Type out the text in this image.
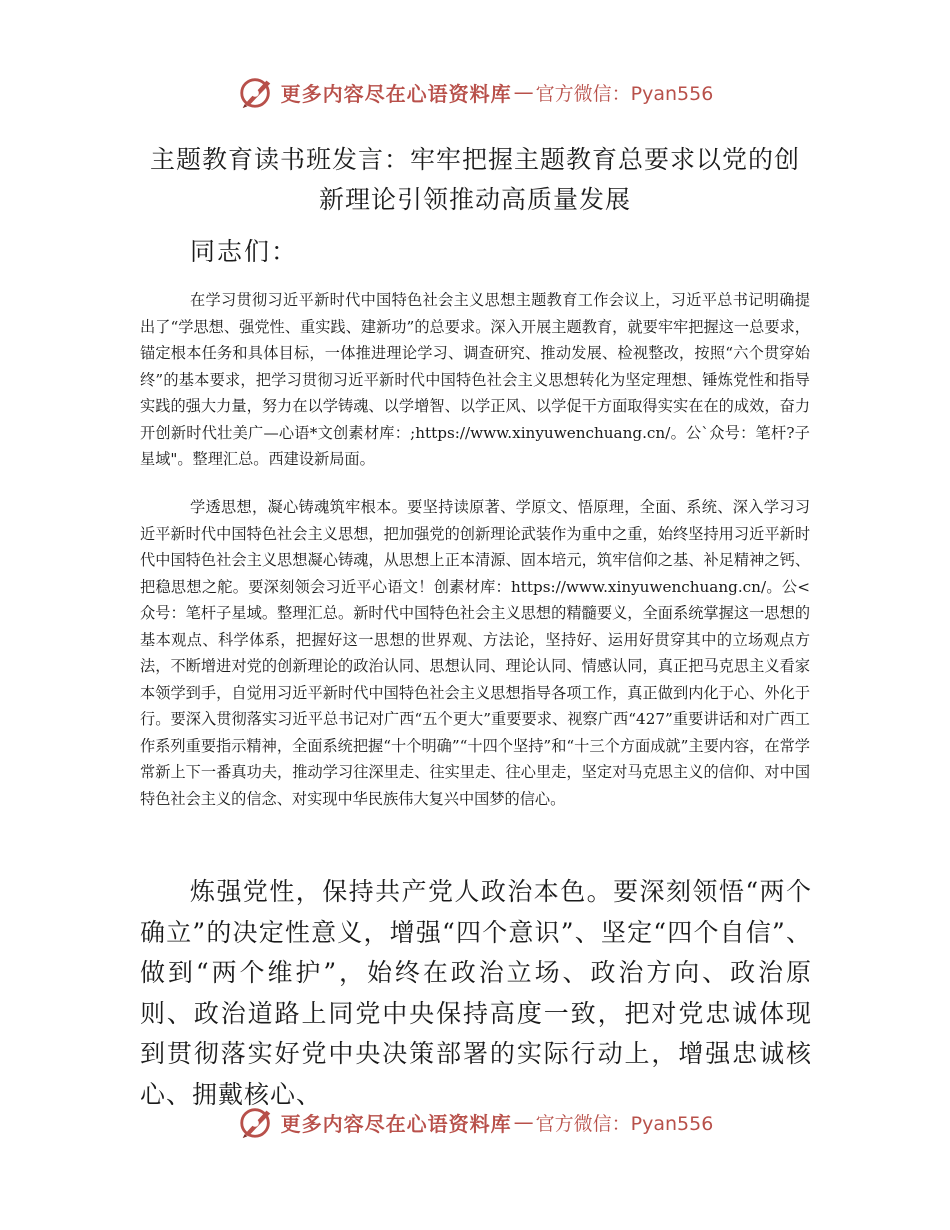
更多内容尽在心语资料库 — 官方微信：Pyan556
主题教育读书班发言：牢牢把握主题教育总要求以党的创新理论引领推动高质量发展

同志们：

在学习贯彻习近平新时代中国特色社会主义思想主题教育工作会议上，习近平总书记明确提出了“学思想、强党性、重实践、建新功”的总要求。深入开展主题教育，就要牢牢把握这一总要求，锚定根本任务和具体目标，一体推进理论学习、调查研究、推动发展、检视整改，按照“六个贯穿始终”的基本要求，把学习贯彻习近平新时代中国特色社会主义思想转化为坚定理想、锤炼党性和指导实践的强大力量，努力在以学铸魂、以学增智、以学正风、以学促干方面取得实实在在的成效，奋力开创新时代壮美广—心语*文创素材库：;https://www.xinyuwenchuang.cn/。公`众号：笔杆?子星域"。整理汇总。西建设新局面。

学透思想，凝心铸魂筑牢根本。要坚持读原著、学原文、悟原理，全面、系统、深入学习习近平新时代中国特色社会主义思想，把加强党的创新理论武装作为重中之重，始终坚持用习近平新时代中国特色社会主义思想凝心铸魂，从思想上正本清源、固本培元，筑牢信仰之基、补足精神之钙、把稳思想之舵。要深刻领会习近平心语文！创素材库：https://www.xinyuwenchuang.cn/。公<众号：笔杆子星域。整理汇总。新时代中国特色社会主义思想的精髓要义，全面系统掌握这一思想的基本观点、科学体系，把握好这一思想的世界观、方法论，坚持好、运用好贯穿其中的立场观点方法，不断增进对党的创新理论的政治认同、思想认同、理论认同、情感认同，真正把马克思主义看家本领学到手，自觉用习近平新时代中国特色社会主义思想指导各项工作，真正做到内化于心、外化于行。要深入贯彻落实习近平总书记对广西“五个更大”重要要求、视察广西“427”重要讲话和对广西工作系列重要指示精神，全面系统把握“十个明确”“十四个坚持”和“十三个方面成就”主要内容，在常学常新上下一番真功夫，推动学习往深里走、往实里走、往心里走，坚定对马克思主义的信仰、对中国特色社会主义的信念、对实现中华民族伟大复兴中国梦的信心。

炼强党性，保持共产党人政治本色。要深刻领悟“两个确立”的决定性意义，增强“四个意识”、坚定“四个自信”、做到“两个维护”，始终在政治立场、政治方向、政治原则、政治道路上同党中央保持高度一致，把对党忠诚体现到贯彻落实好党中央决策部署的实际行动上，增强忠诚核心、拥戴核心、

更多内容尽在心语资料库 — 官方微信：Pyan556
